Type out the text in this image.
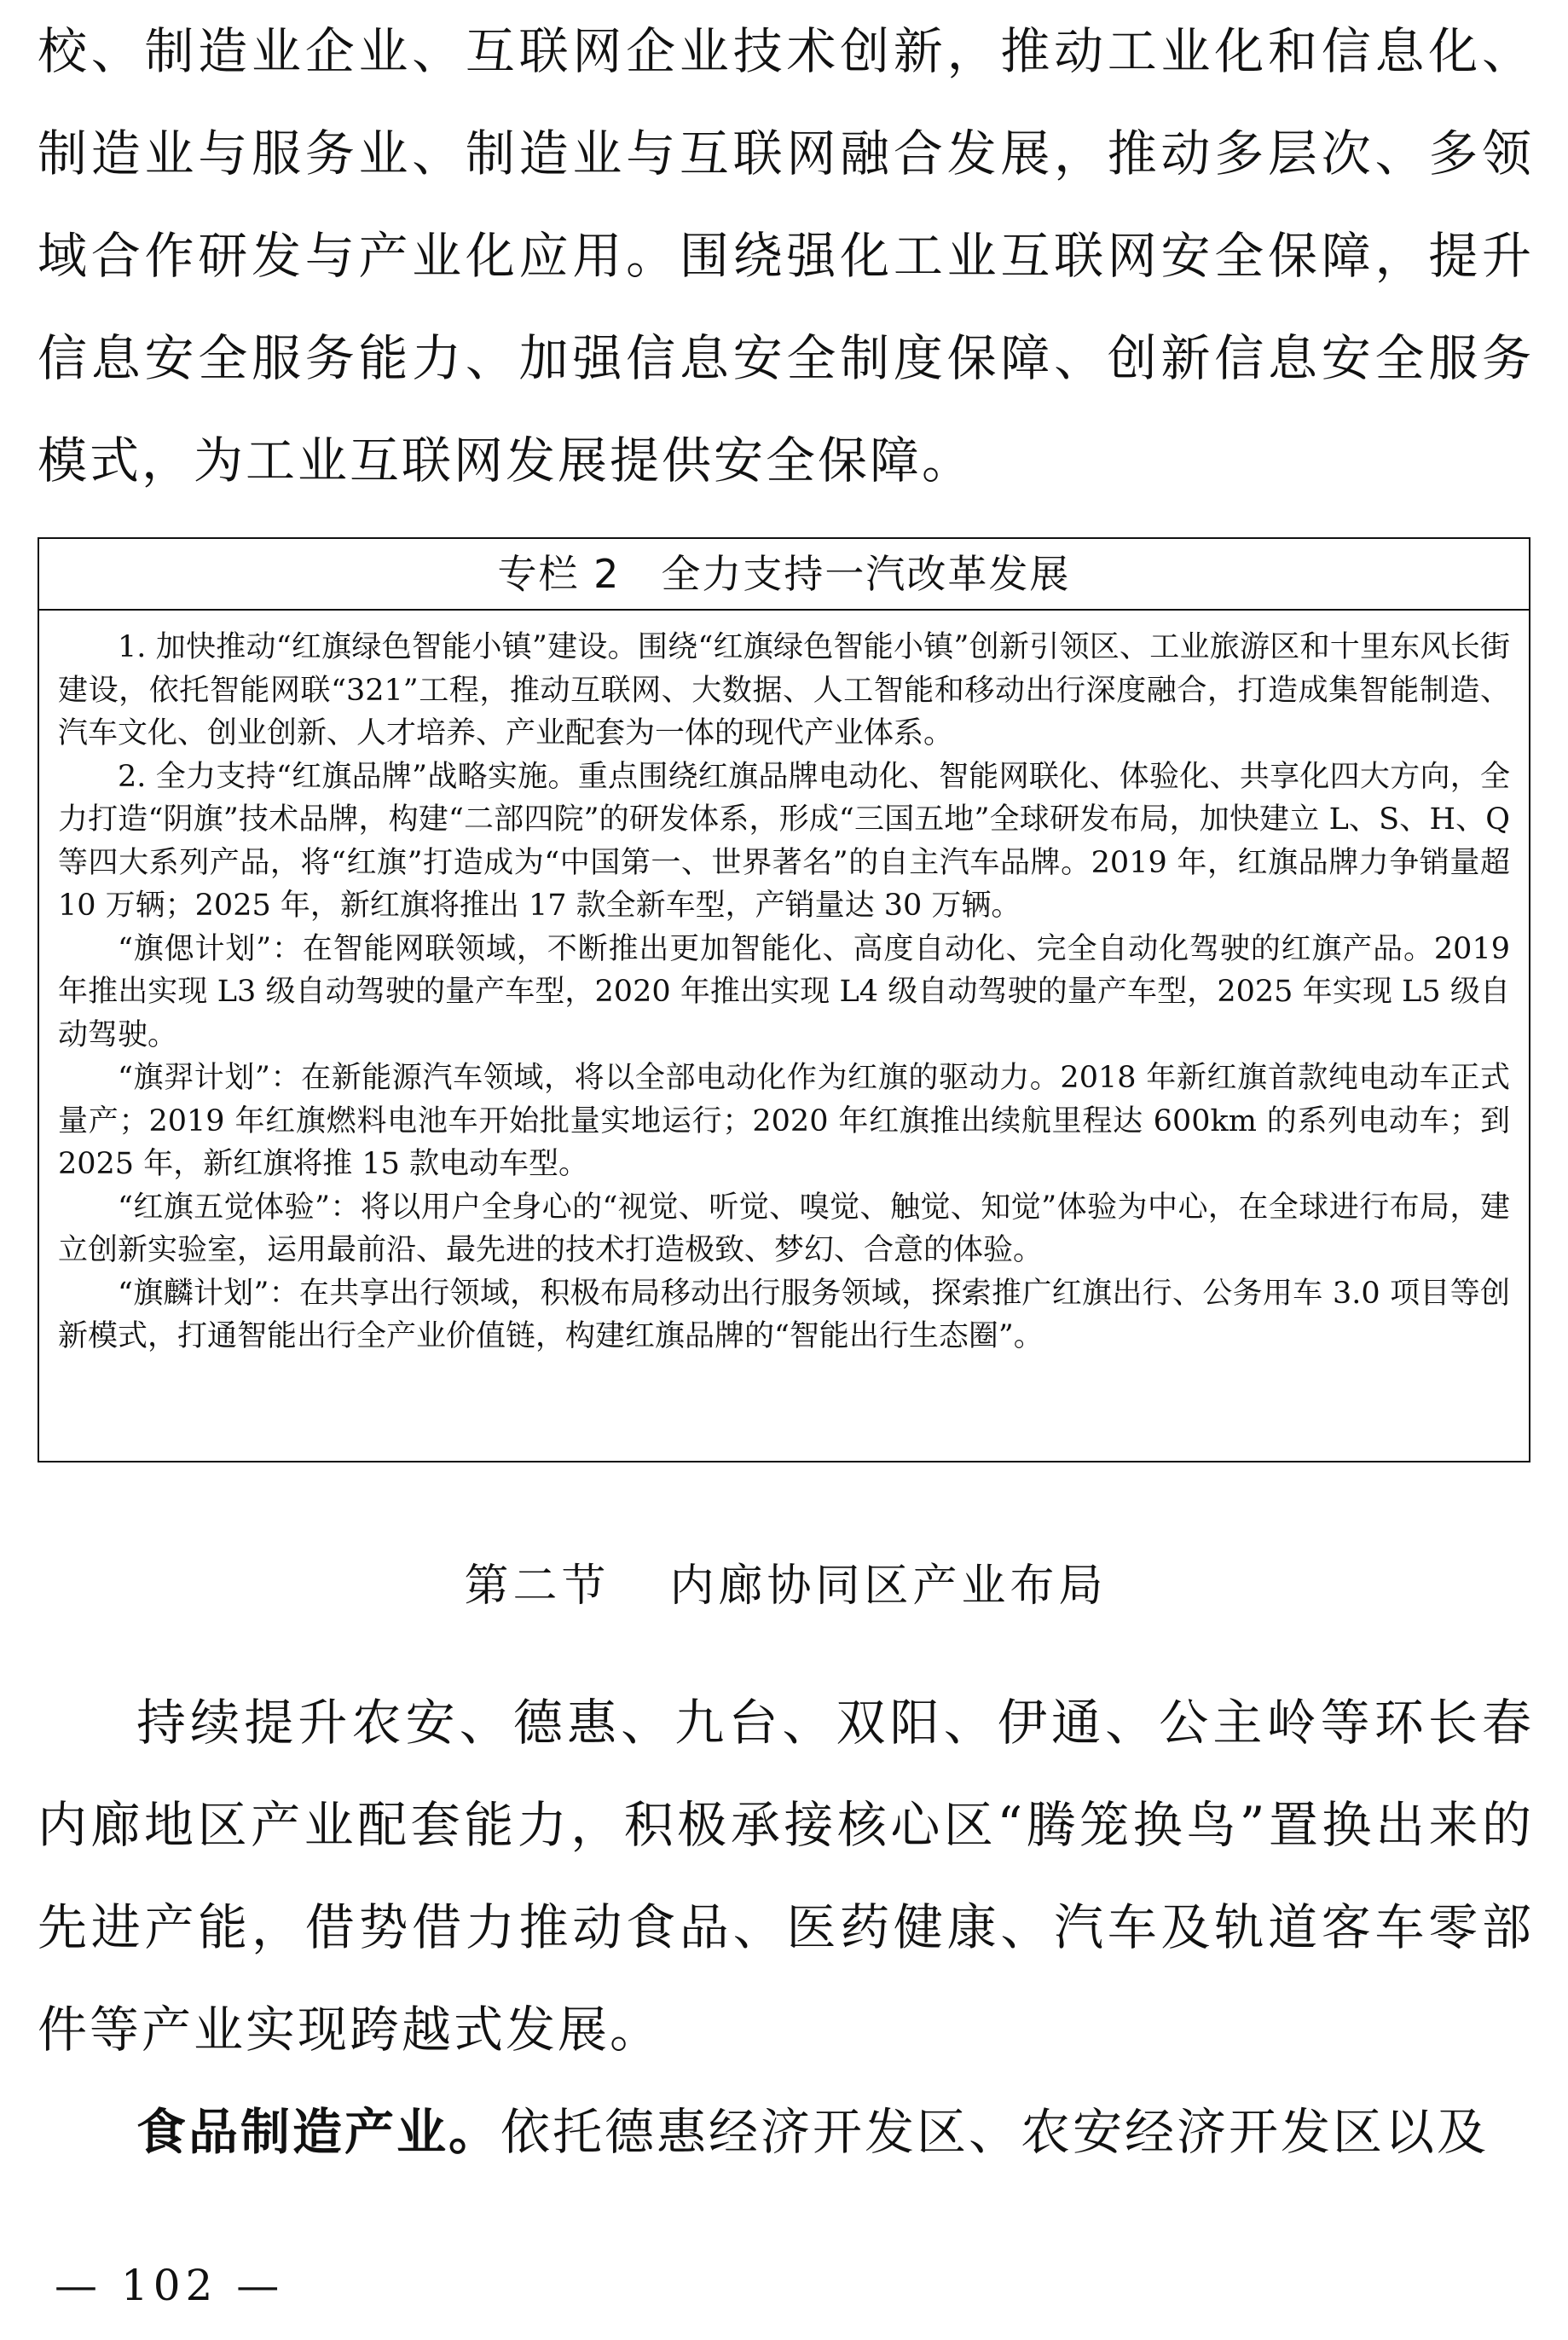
校、制造业企业、互联网企业技术创新，推动工业化和信息化、制造业与服务业、制造业与互联网融合发展，推动多层次、多领域合作研发与产业化应用。围绕强化工业互联网安全保障，提升信息安全服务能力、加强信息安全制度保障、创新信息安全服务模式，为工业互联网发展提供安全保障。

专栏 2　全力支持一汽改革发展

1. 加快推动“红旗绿色智能小镇”建设。围绕“红旗绿色智能小镇”创新引领区、工业旅游区和十里东风长街建设，依托智能网联“321”工程，推动互联网、大数据、人工智能和移动出行深度融合，打造成集智能制造、汽车文化、创业创新、人才培养、产业配套为一体的现代产业体系。

2. 全力支持“红旗品牌”战略实施。重点围绕红旗品牌电动化、智能网联化、体验化、共享化四大方向，全力打造“阴旗”技术品牌，构建“二部四院”的研发体系，形成“三国五地”全球研发布局，加快建立 L、S、H、Q 等四大系列产品，将“红旗”打造成为“中国第一、世界著名”的自主汽车品牌。2019 年，红旗品牌力争销量超 10 万辆；2025 年，新红旗将推出 17 款全新车型，产销量达 30 万辆。

“旗偲计划”：在智能网联领域，不断推出更加智能化、高度自动化、完全自动化驾驶的红旗产品。2019 年推出实现 L3 级自动驾驶的量产车型，2020 年推出实现 L4 级自动驾驶的量产车型，2025 年实现 L5 级自动驾驶。

“旗羿计划”：在新能源汽车领域，将以全部电动化作为红旗的驱动力。2018 年新红旗首款纯电动车正式量产；2019 年红旗燃料电池车开始批量实地运行；2020 年红旗推出续航里程达 600km 的系列电动车；到 2025 年，新红旗将推 15 款电动车型。

“红旗五觉体验”：将以用户全身心的“视觉、听觉、嗅觉、触觉、知觉”体验为中心，在全球进行布局，建立创新实验室，运用最前沿、最先进的技术打造极致、梦幻、合意的体验。

“旗麟计划”：在共享出行领域，积极布局移动出行服务领域，探索推广红旗出行、公务用车 3.0 项目等创新模式，打通智能出行全产业价值链，构建红旗品牌的“智能出行生态圈”。

第二节 内廊协同区产业布局

持续提升农安、德惠、九台、双阳、伊通、公主岭等环长春内廊地区产业配套能力，积极承接核心区“腾笼换鸟”置换出来的先进产能，借势借力推动食品、医药健康、汽车及轨道客车零部件等产业实现跨越式发展。

食品制造产业。依托德惠经济开发区、农安经济开发区以及

— 102 —
